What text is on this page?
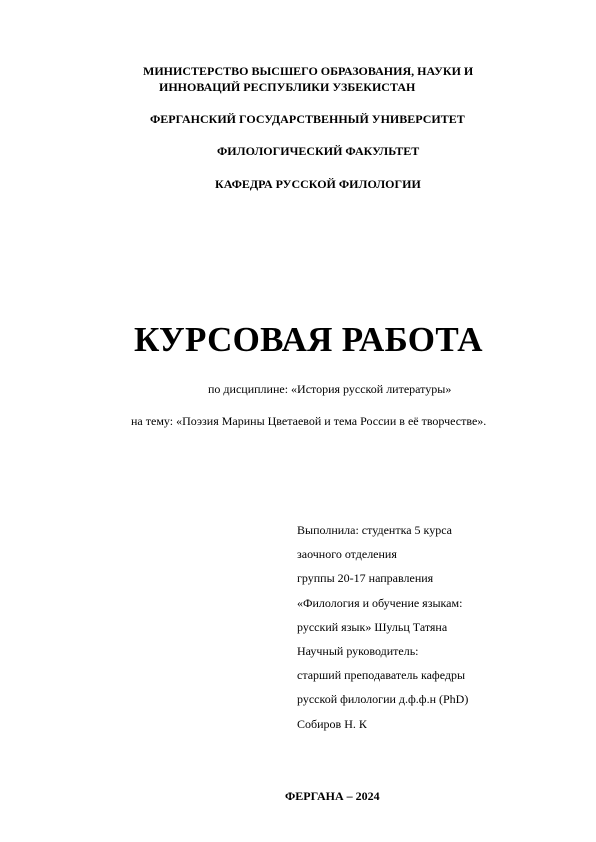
МИНИСТЕРСТВО ВЫСШЕГО ОБРАЗОВАНИЯ, НАУКИ И
ИННОВАЦИЙ РЕСПУБЛИКИ УЗБЕКИСТАН
ФЕРГАНСКИЙ ГОСУДАРСТВЕННЫЙ УНИВЕРСИТЕТ
ФИЛОЛОГИЧЕСКИЙ ФАКУЛЬТЕТ
КАФЕДРА РУССКОЙ ФИЛОЛОГИИ
КУРСОВАЯ РАБОТА
по дисциплине: «История русской литературы»
на тему: «Поэзия Марины Цветаевой и тема России в её творчестве».
Выполнила: студентка 5 курса
заочного отделения
группы 20-17 направления
«Филология и обучение языкам:
русский язык» Шульц Татяна
Научный руководитель:
старший преподаватель кафедры
русской филологии д.ф.ф.н (PhD)
Собиров Н. К
ФЕРГАНА – 2024
